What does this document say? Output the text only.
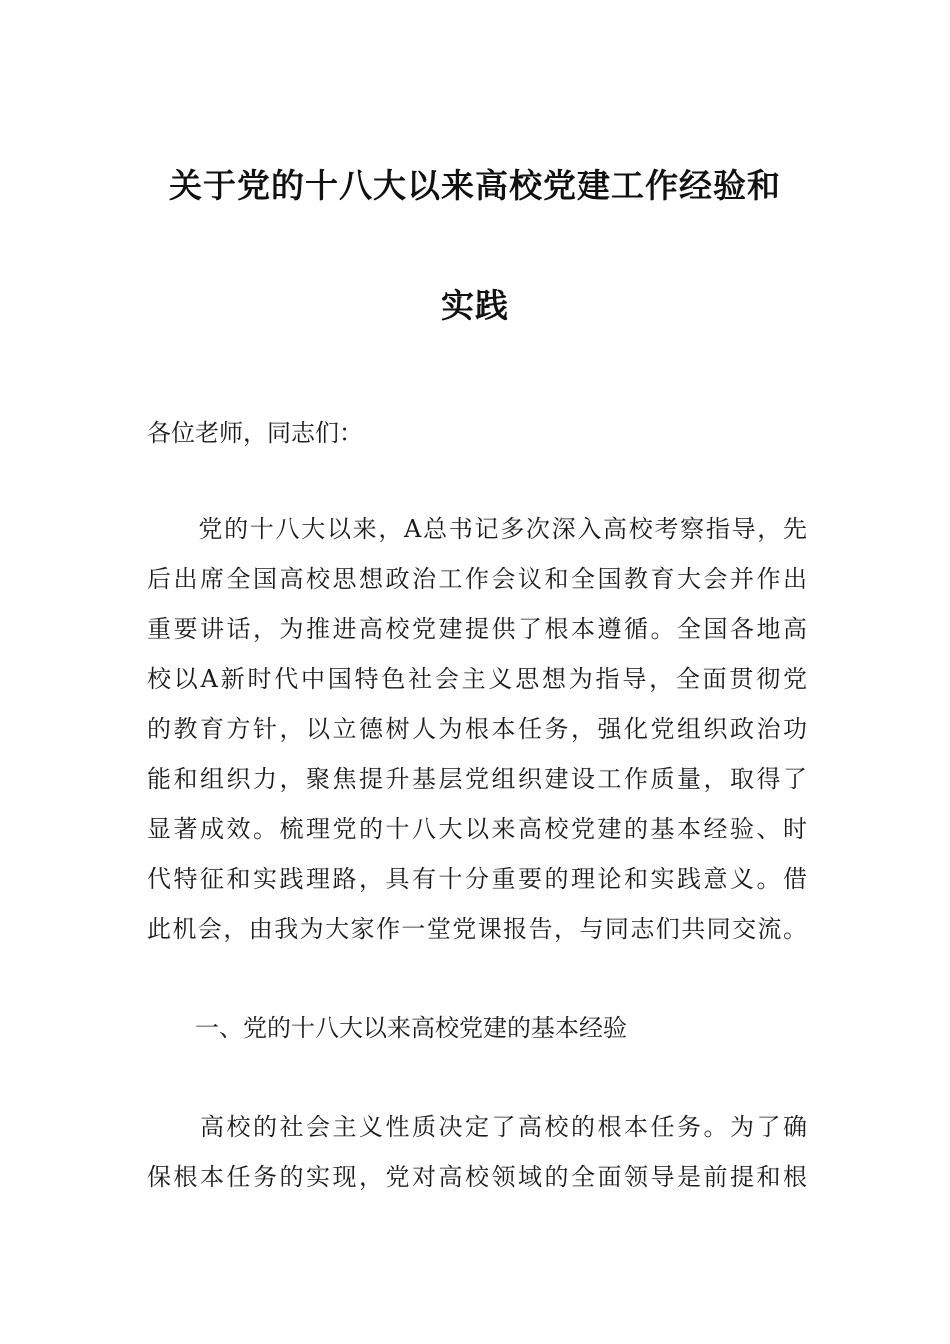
关于党的十八大以来高校党建工作经验和
实践
各位老师，同志们：
　　党的十八大以来，A总书记多次深入高校考察指导，先
后出席全国高校思想政治工作会议和全国教育大会并作出
重要讲话，为推进高校党建提供了根本遵循。全国各地高
校以A新时代中国特色社会主义思想为指导，全面贯彻党
的教育方针，以立德树人为根本任务，强化党组织政治功
能和组织力，聚焦提升基层党组织建设工作质量，取得了
显著成效。梳理党的十八大以来高校党建的基本经验、时
代特征和实践理路，具有十分重要的理论和实践意义。借
此机会，由我为大家作一堂党课报告，与同志们共同交流。
　　一、党的十八大以来高校党建的基本经验
　　高校的社会主义性质决定了高校的根本任务。为了确
保根本任务的实现，党对高校领域的全面领导是前提和根
